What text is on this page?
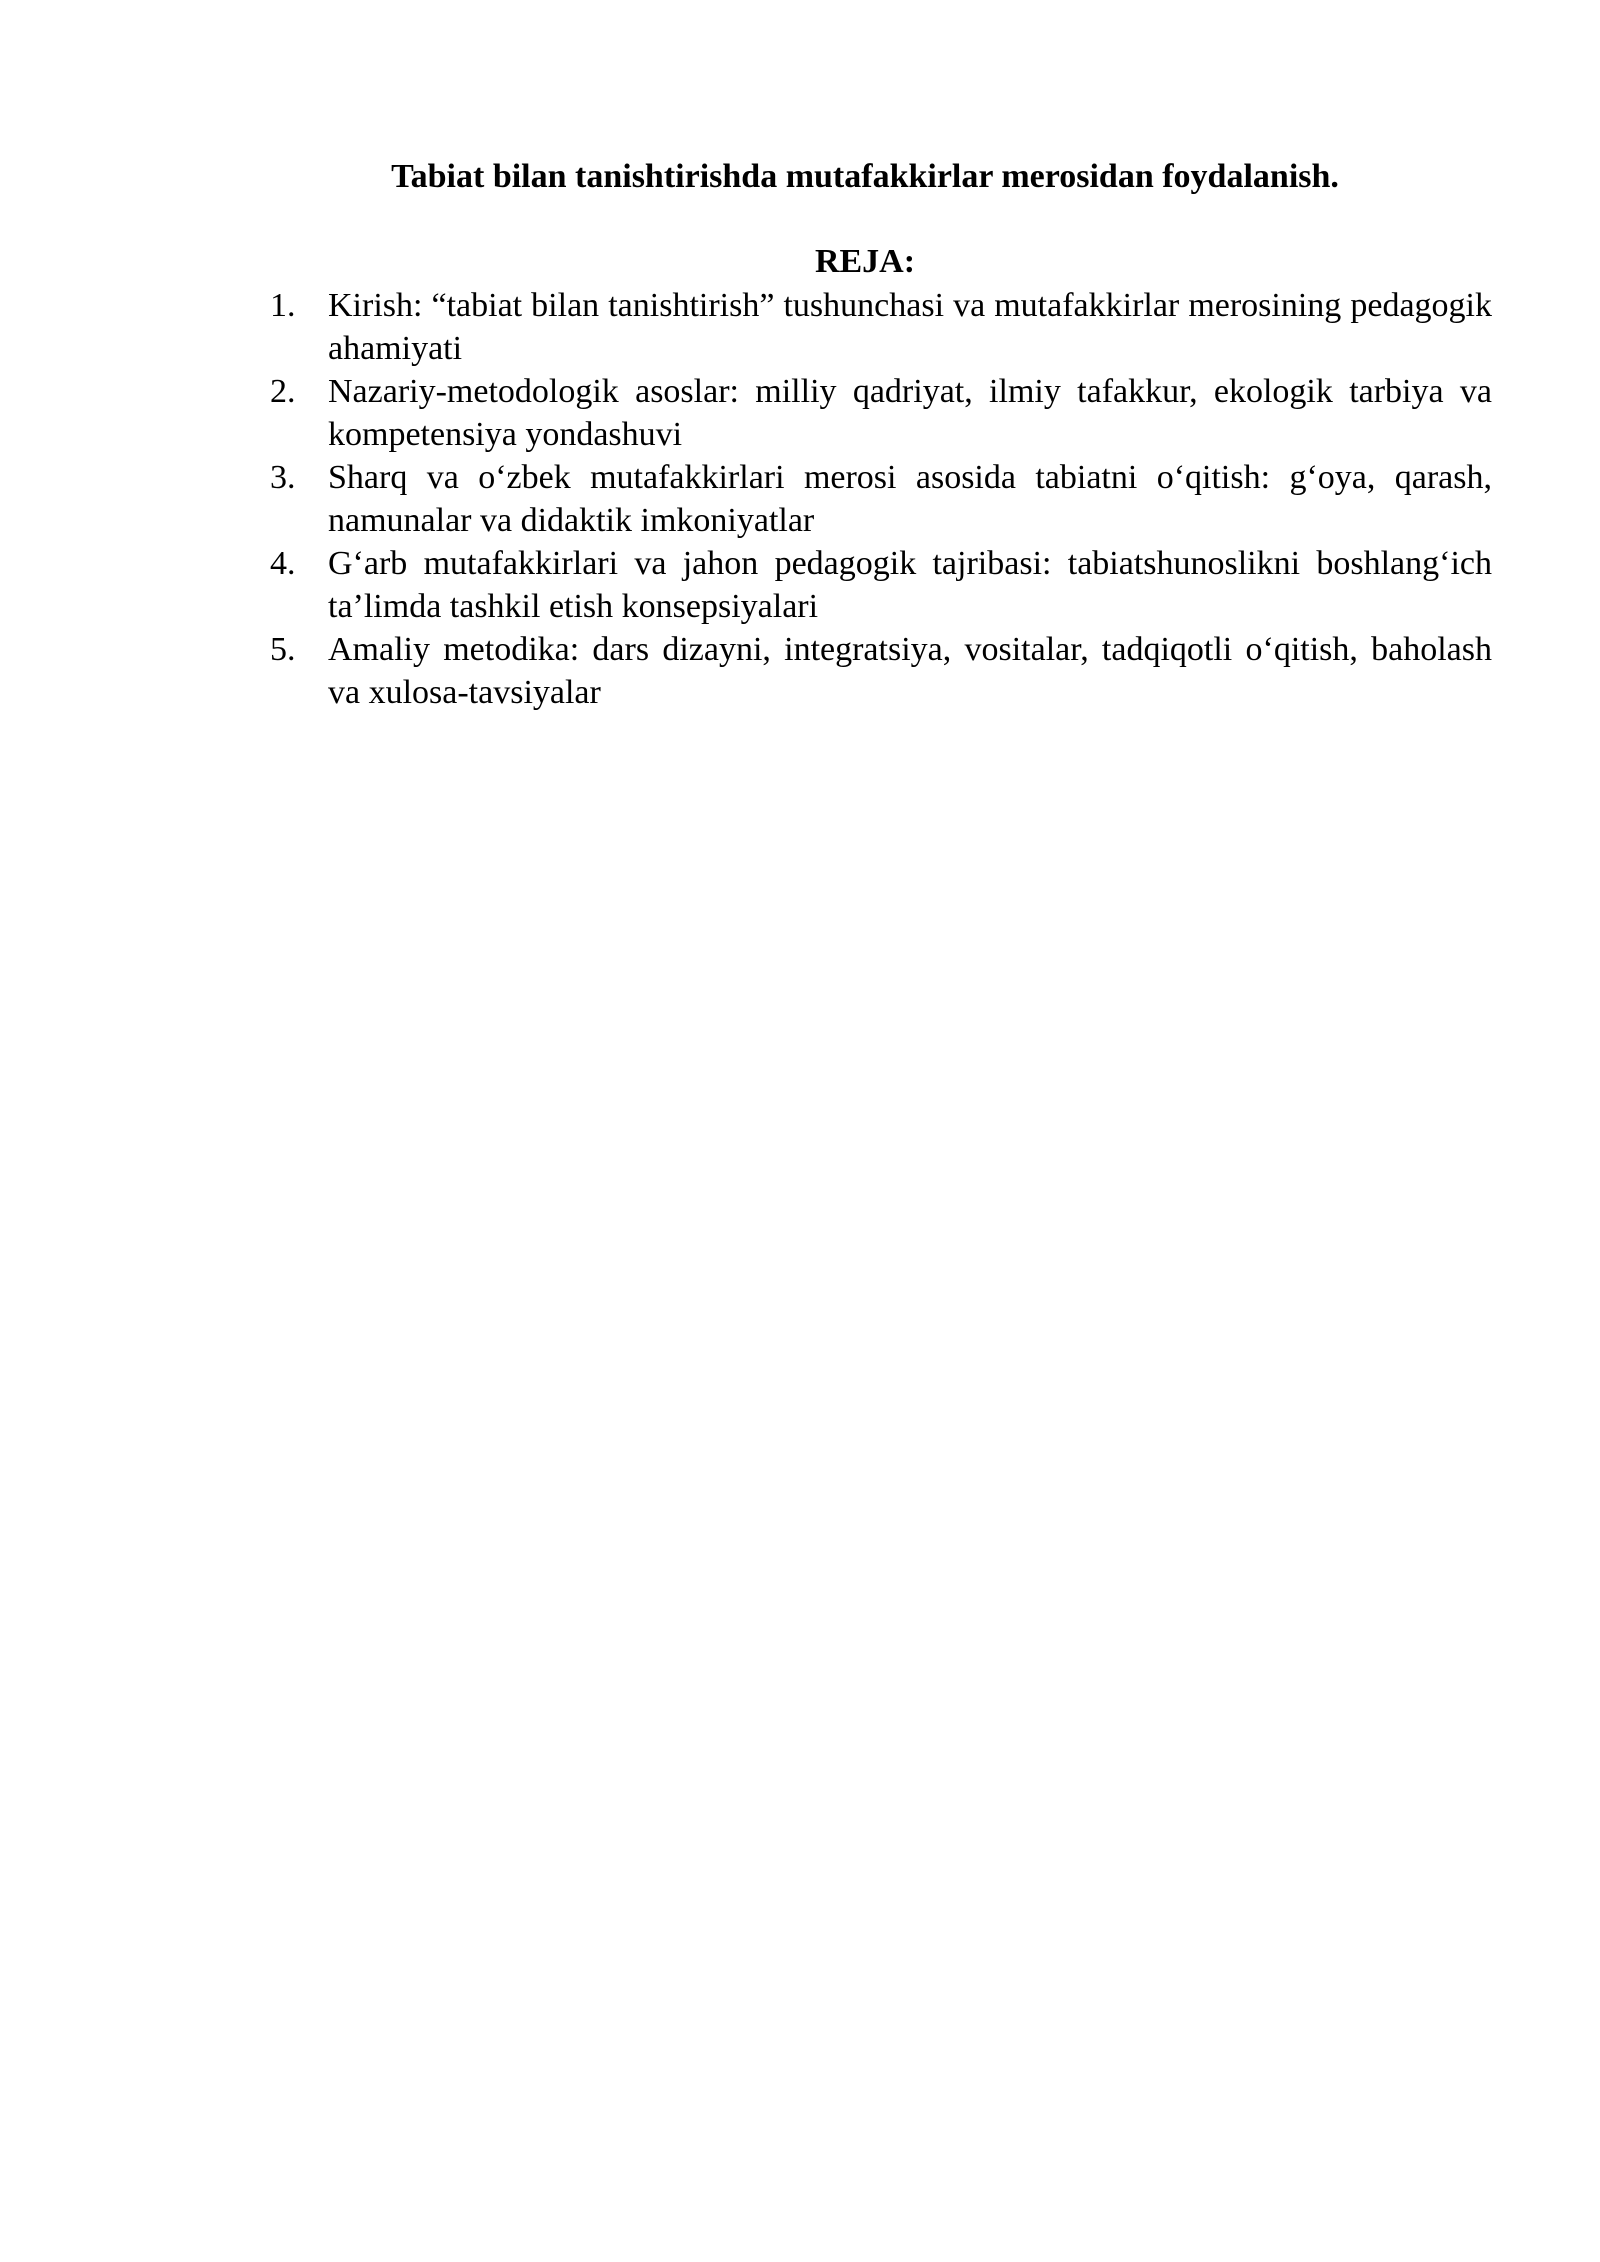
Tabiat bilan tanishtirishda mutafakkirlar merosidan foydalanish.
REJA:
1. Kirish: “tabiat bilan tanishtirish” tushunchasi va mutafakkirlar merosining pedagogik ahamiyati
2. Nazariy-metodologik asoslar: milliy qadriyat, ilmiy tafakkur, ekologik tarbiya va kompetensiya yondashuvi
3. Sharq va o‘zbek mutafakkirlari merosi asosida tabiatni o‘qitish: g‘oya, qarash, namunalar va didaktik imkoniyatlar
4. G‘arb mutafakkirlari va jahon pedagogik tajribasi: tabiatshunoslikni boshlang‘ich ta’limda tashkil etish konsepsiyalari
5. Amaliy metodika: dars dizayni, integratsiya, vositalar, tadqiqotli o‘qitish, baholash va xulosa-tavsiyalar
